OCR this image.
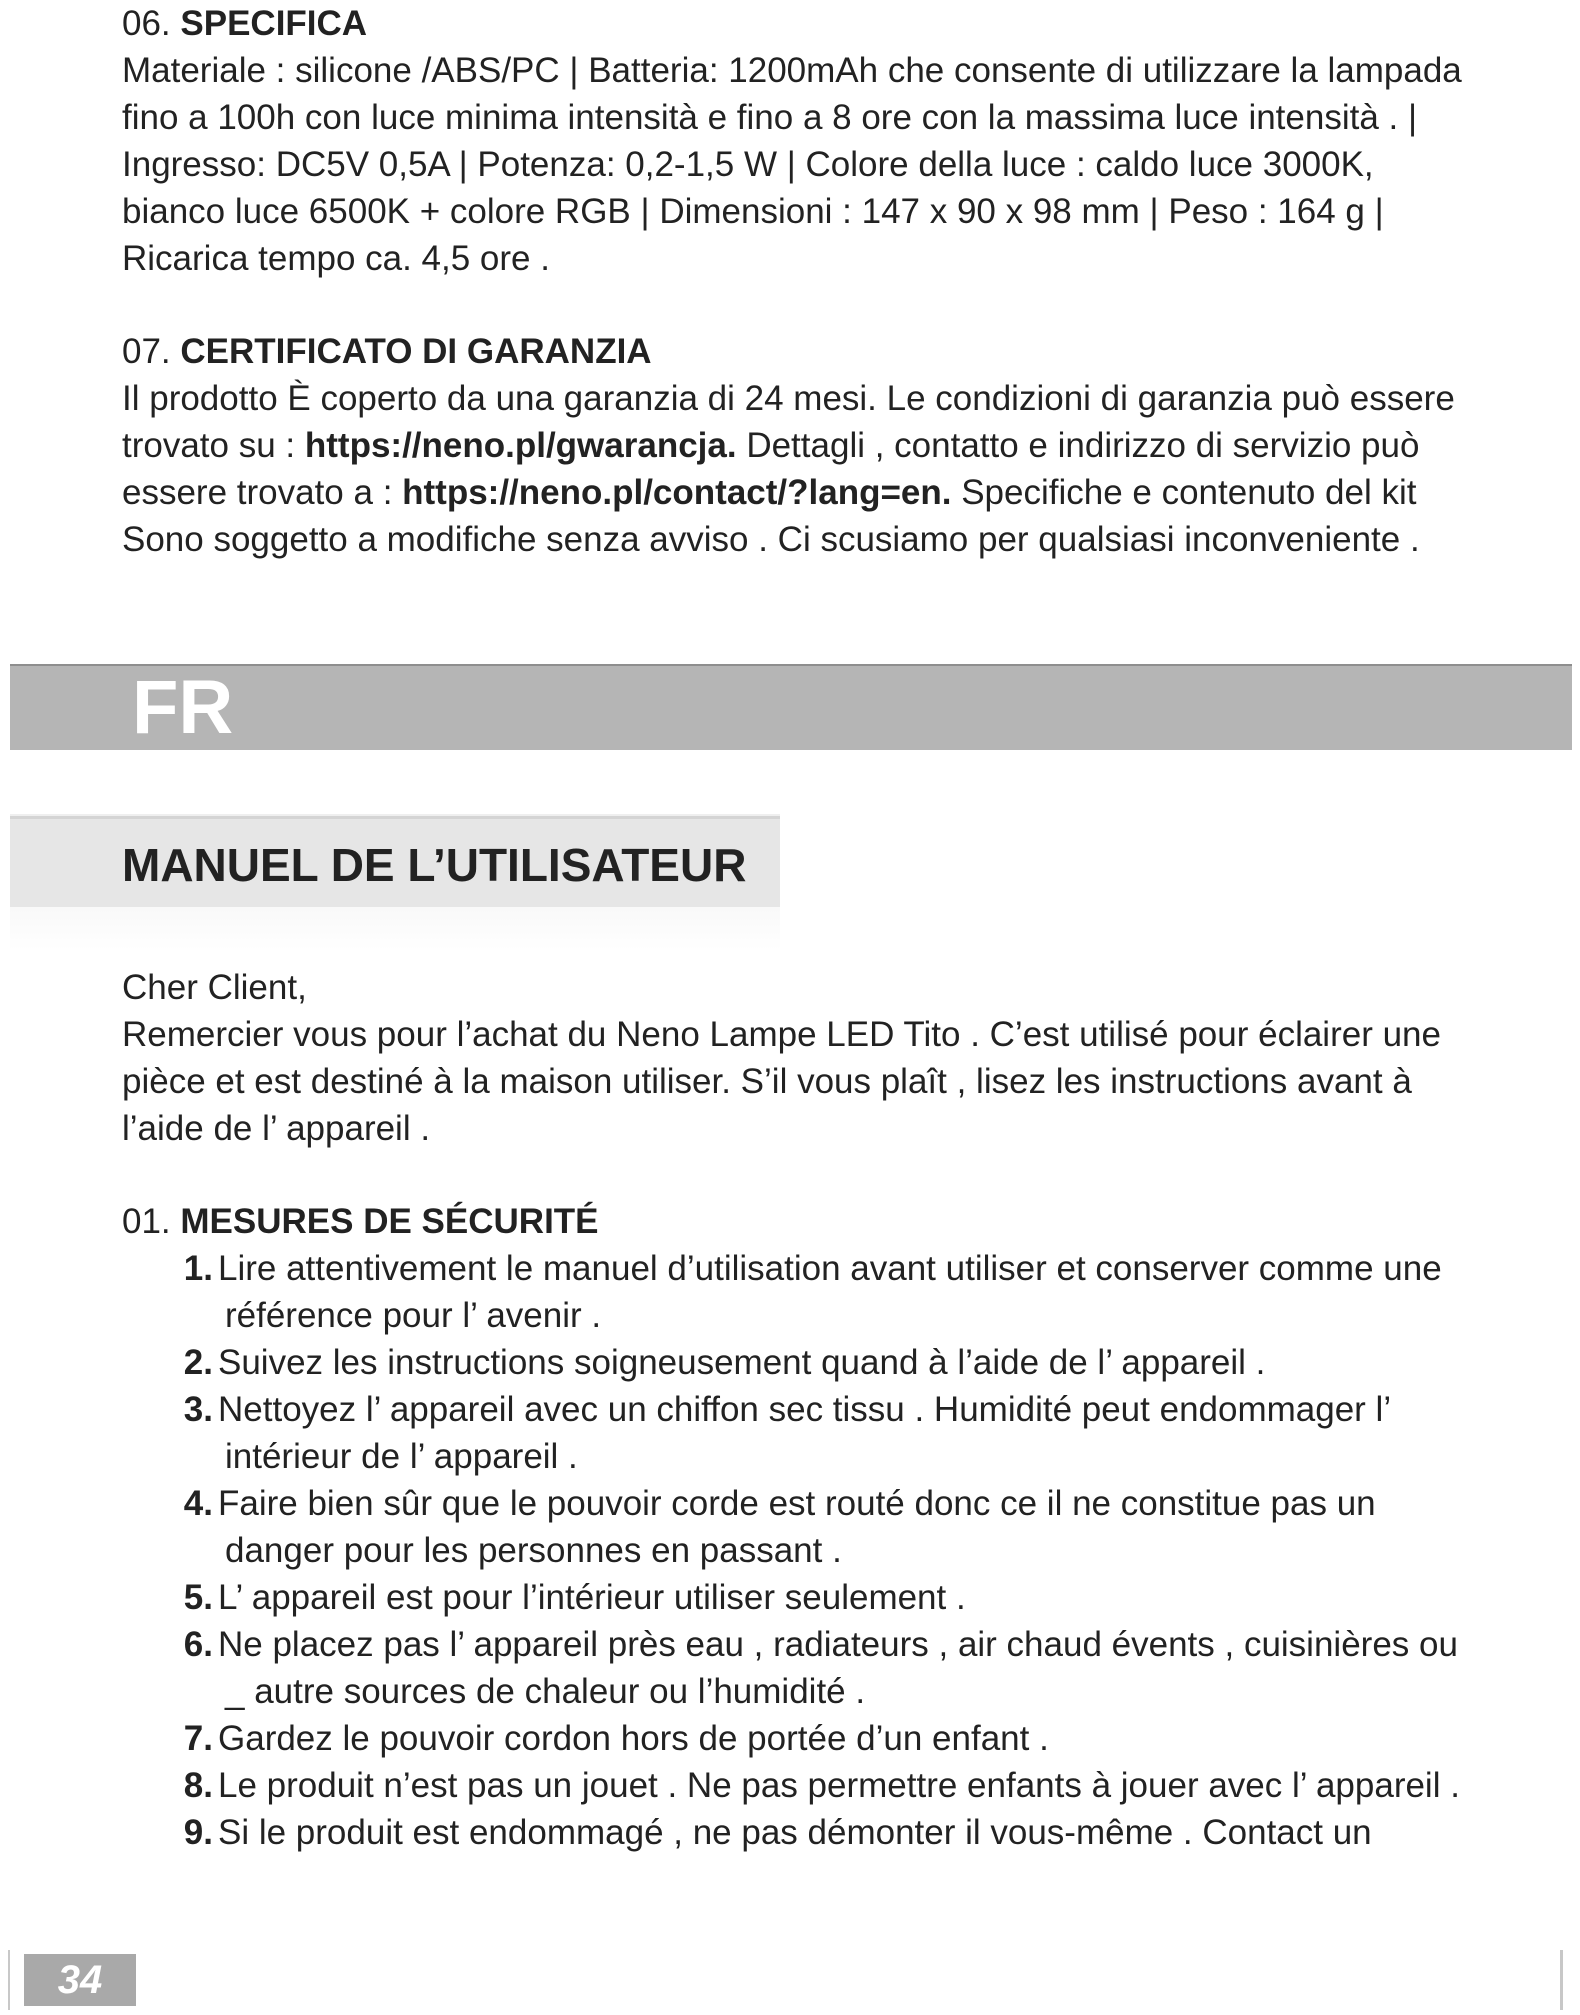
06. SPECIFICA

Materiale : silicone /ABS/PC | Batteria: 1200mAh che consente di utilizzare la lampada fino a 100h con luce minima intensità e fino a 8 ore con la massima luce intensità . | Ingresso: DC5V 0,5A | Potenza: 0,2-1,5 W | Colore della luce : caldo luce 3000K, bianco luce 6500K + colore RGB | Dimensioni : 147 x 90 x 98 mm | Peso : 164 g | Ricarica tempo ca. 4,5 ore .

07. CERTIFICATO DI GARANZIA

Il prodotto È coperto da una garanzia di 24 mesi. Le condizioni di garanzia può essere trovato su : https://neno.pl/gwarancja. Dettagli , contatto e indirizzo di servizio può essere trovato a : https://neno.pl/contact/?lang=en. Specifiche e contenuto del kit Sono soggetto a modifiche senza avviso . Ci scusiamo per qualsiasi inconveniente .

FR
MANUEL DE L’UTILISATEUR

Cher Client,

Remercier vous pour l’achat du Neno Lampe LED Tito . C’est utilisé pour éclairer une pièce et est destiné à la maison utiliser. S’il vous plaît , lisez les instructions avant à l’aide de l’ appareil .

01. MESURES DE SÉCURITÉ

1. Lire attentivement le manuel d’utilisation avant utiliser et conserver comme une référence pour l’ avenir .
2. Suivez les instructions soigneusement quand à l’aide de l’ appareil .
3. Nettoyez l’ appareil avec un chiffon sec tissu . Humidité peut endommager l’ intérieur de l’ appareil .
4. Faire bien sûr que le pouvoir corde est routé donc ce il ne constitue pas un danger pour les personnes en passant .
5. L’ appareil est pour l’intérieur utiliser seulement .
6. Ne placez pas l’ appareil près eau , radiateurs , air chaud évents , cuisinières ou _ autre sources de chaleur ou l’humidité .
7. Gardez le pouvoir cordon hors de portée d’un enfant .
8. Le produit n’est pas un jouet . Ne pas permettre enfants à jouer avec l’ appareil .
9. Si le produit est endommagé , ne pas démonter il vous-même . Contact un
34
